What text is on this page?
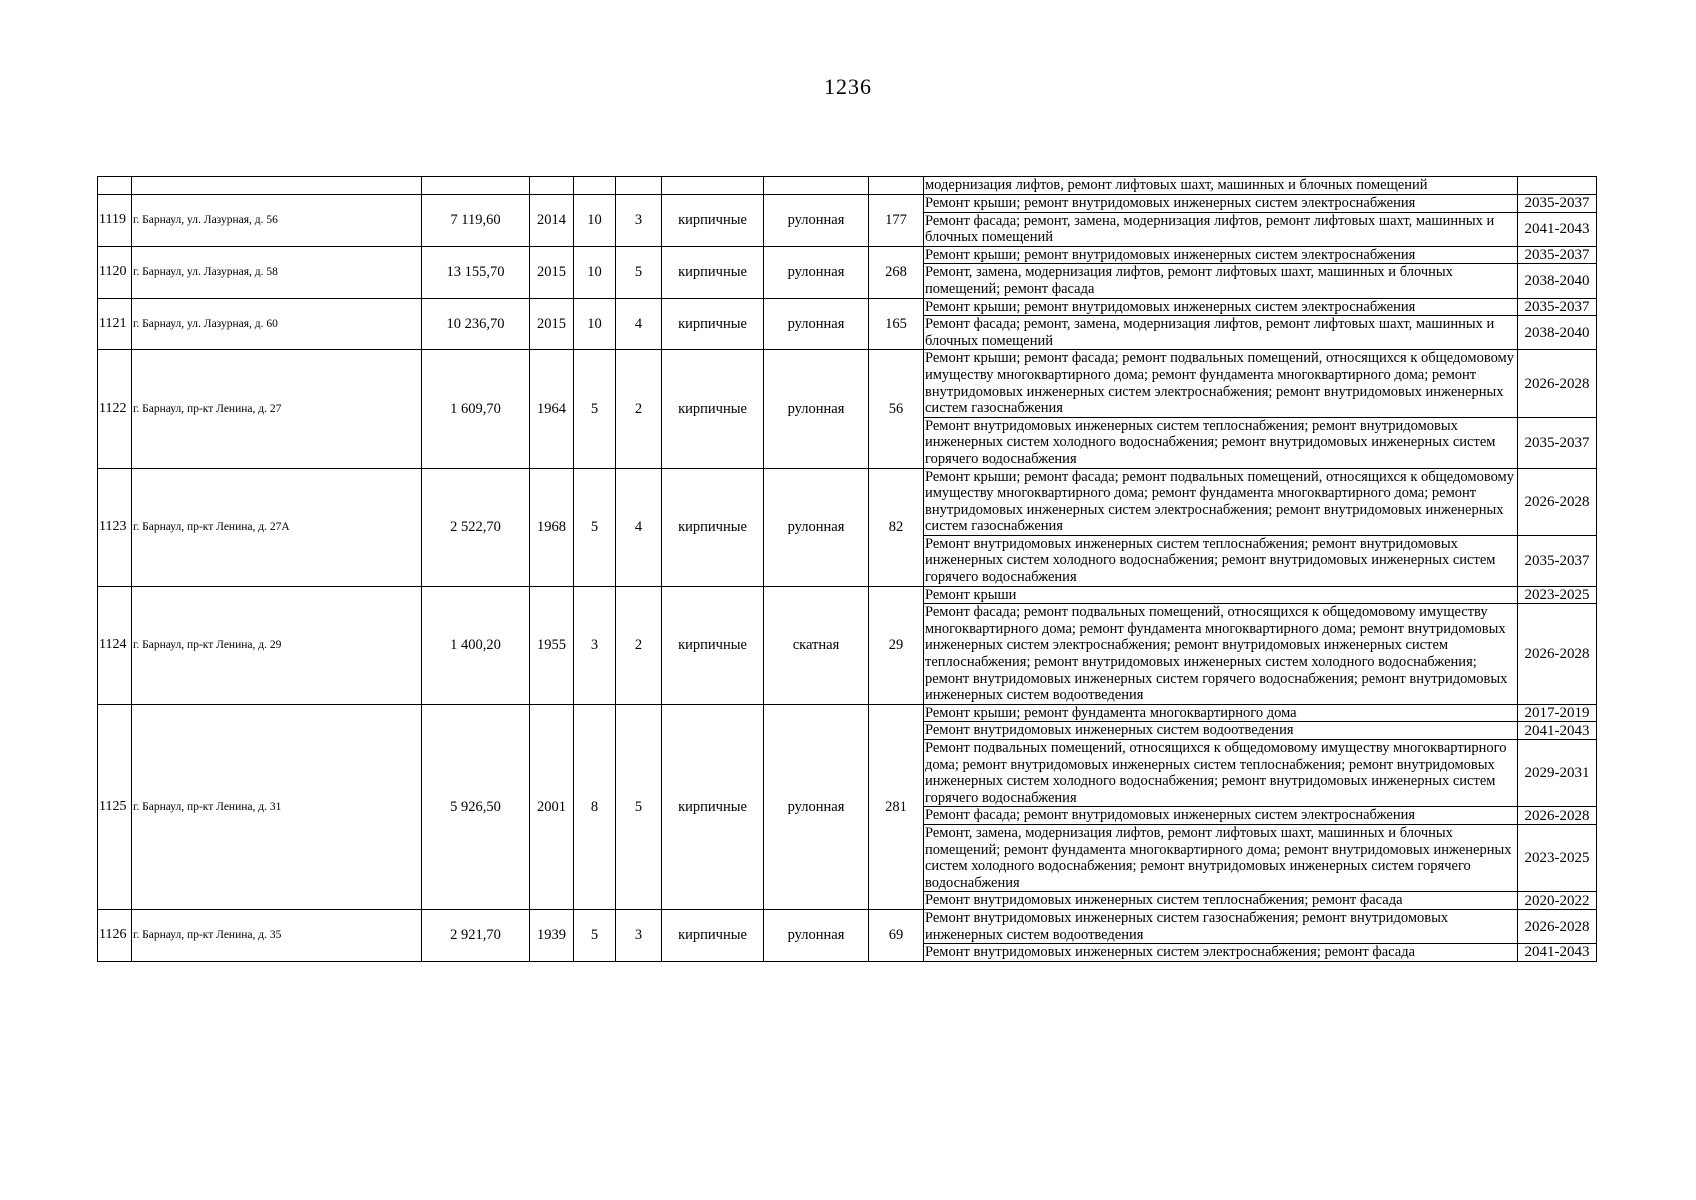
1236
									модернизация лифтов, ремонт лифтовых шахт, машинных и блочных помещений	
1119	г. Барнаул, ул. Лазурная, д. 56	7 119,60	2014	10	3	кирпичные	рулонная	177	Ремонт крыши; ремонт внутридомовых инженерных систем электроснабжения	2035-2037
									Ремонт фасада; ремонт, замена, модернизация лифтов, ремонт лифтовых шахт, машинных и блочных помещений	2041-2043
1120	г. Барнаул, ул. Лазурная, д. 58	13 155,70	2015	10	5	кирпичные	рулонная	268	Ремонт крыши; ремонт внутридомовых инженерных систем электроснабжения	2035-2037
									Ремонт, замена, модернизация лифтов, ремонт лифтовых шахт, машинных и блочных помещений; ремонт фасада	2038-2040
1121	г. Барнаул, ул. Лазурная, д. 60	10 236,70	2015	10	4	кирпичные	рулонная	165	Ремонт крыши; ремонт внутридомовых инженерных систем электроснабжения	2035-2037
									Ремонт фасада; ремонт, замена, модернизация лифтов, ремонт лифтовых шахт, машинных и блочных помещений	2038-2040
1122	г. Барнаул, пр-кт Ленина, д. 27	1 609,70	1964	5	2	кирпичные	рулонная	56	Ремонт крыши; ремонт фасада; ремонт подвальных помещений, относящихся к общедомовому имуществу многоквартирного дома; ремонт фундамента многоквартирного дома; ремонт внутридомовых инженерных систем электроснабжения; ремонт внутридомовых инженерных систем газоснабжения	2026-2028
									Ремонт внутридомовых инженерных систем теплоснабжения; ремонт внутридомовых инженерных систем холодного водоснабжения; ремонт внутридомовых инженерных систем горячего водоснабжения	2035-2037
1123	г. Барнаул, пр-кт Ленина, д. 27А	2 522,70	1968	5	4	кирпичные	рулонная	82	Ремонт крыши; ремонт фасада; ремонт подвальных помещений, относящихся к общедомовому имуществу многоквартирного дома; ремонт фундамента многоквартирного дома; ремонт внутридомовых инженерных систем электроснабжения; ремонт внутридомовых инженерных систем газоснабжения	2026-2028
									Ремонт внутридомовых инженерных систем теплоснабжения; ремонт внутридомовых инженерных систем холодного водоснабжения; ремонт внутридомовых инженерных систем горячего водоснабжения	2035-2037
1124	г. Барнаул, пр-кт Ленина, д. 29	1 400,20	1955	3	2	кирпичные	скатная	29	Ремонт крыши	2023-2025
									Ремонт фасада; ремонт подвальных помещений, относящихся к общедомовому имуществу многоквартирного дома; ремонт фундамента многоквартирного дома; ремонт внутридомовых инженерных систем электроснабжения; ремонт внутридомовых инженерных систем теплоснабжения; ремонт внутридомовых инженерных систем холодного водоснабжения; ремонт внутридомовых инженерных систем горячего водоснабжения; ремонт внутридомовых инженерных систем водоотведения	2026-2028
1125	г. Барнаул, пр-кт Ленина, д. 31	5 926,50	2001	8	5	кирпичные	рулонная	281	Ремонт крыши; ремонт фундамента многоквартирного дома	2017-2019
									Ремонт внутридомовых инженерных систем водоотведения	2041-2043
									Ремонт подвальных помещений, относящихся к общедомовому имуществу многоквартирного дома; ремонт внутридомовых инженерных систем теплоснабжения; ремонт внутридомовых инженерных систем холодного водоснабжения; ремонт внутридомовых инженерных систем горячего водоснабжения	2029-2031
									Ремонт фасада; ремонт внутридомовых инженерных систем электроснабжения	2026-2028
									Ремонт, замена, модернизация лифтов, ремонт лифтовых шахт, машинных и блочных помещений; ремонт фундамента многоквартирного дома; ремонт внутридомовых инженерных систем холодного водоснабжения; ремонт внутридомовых инженерных систем горячего водоснабжения	2023-2025
									Ремонт внутридомовых инженерных систем теплоснабжения; ремонт фасада	2020-2022
1126	г. Барнаул, пр-кт Ленина, д. 35	2 921,70	1939	5	3	кирпичные	рулонная	69	Ремонт внутридомовых инженерных систем газоснабжения; ремонт внутридомовых инженерных систем водоотведения	2026-2028
									Ремонт внутридомовых инженерных систем электроснабжения; ремонт фасада	2041-2043
